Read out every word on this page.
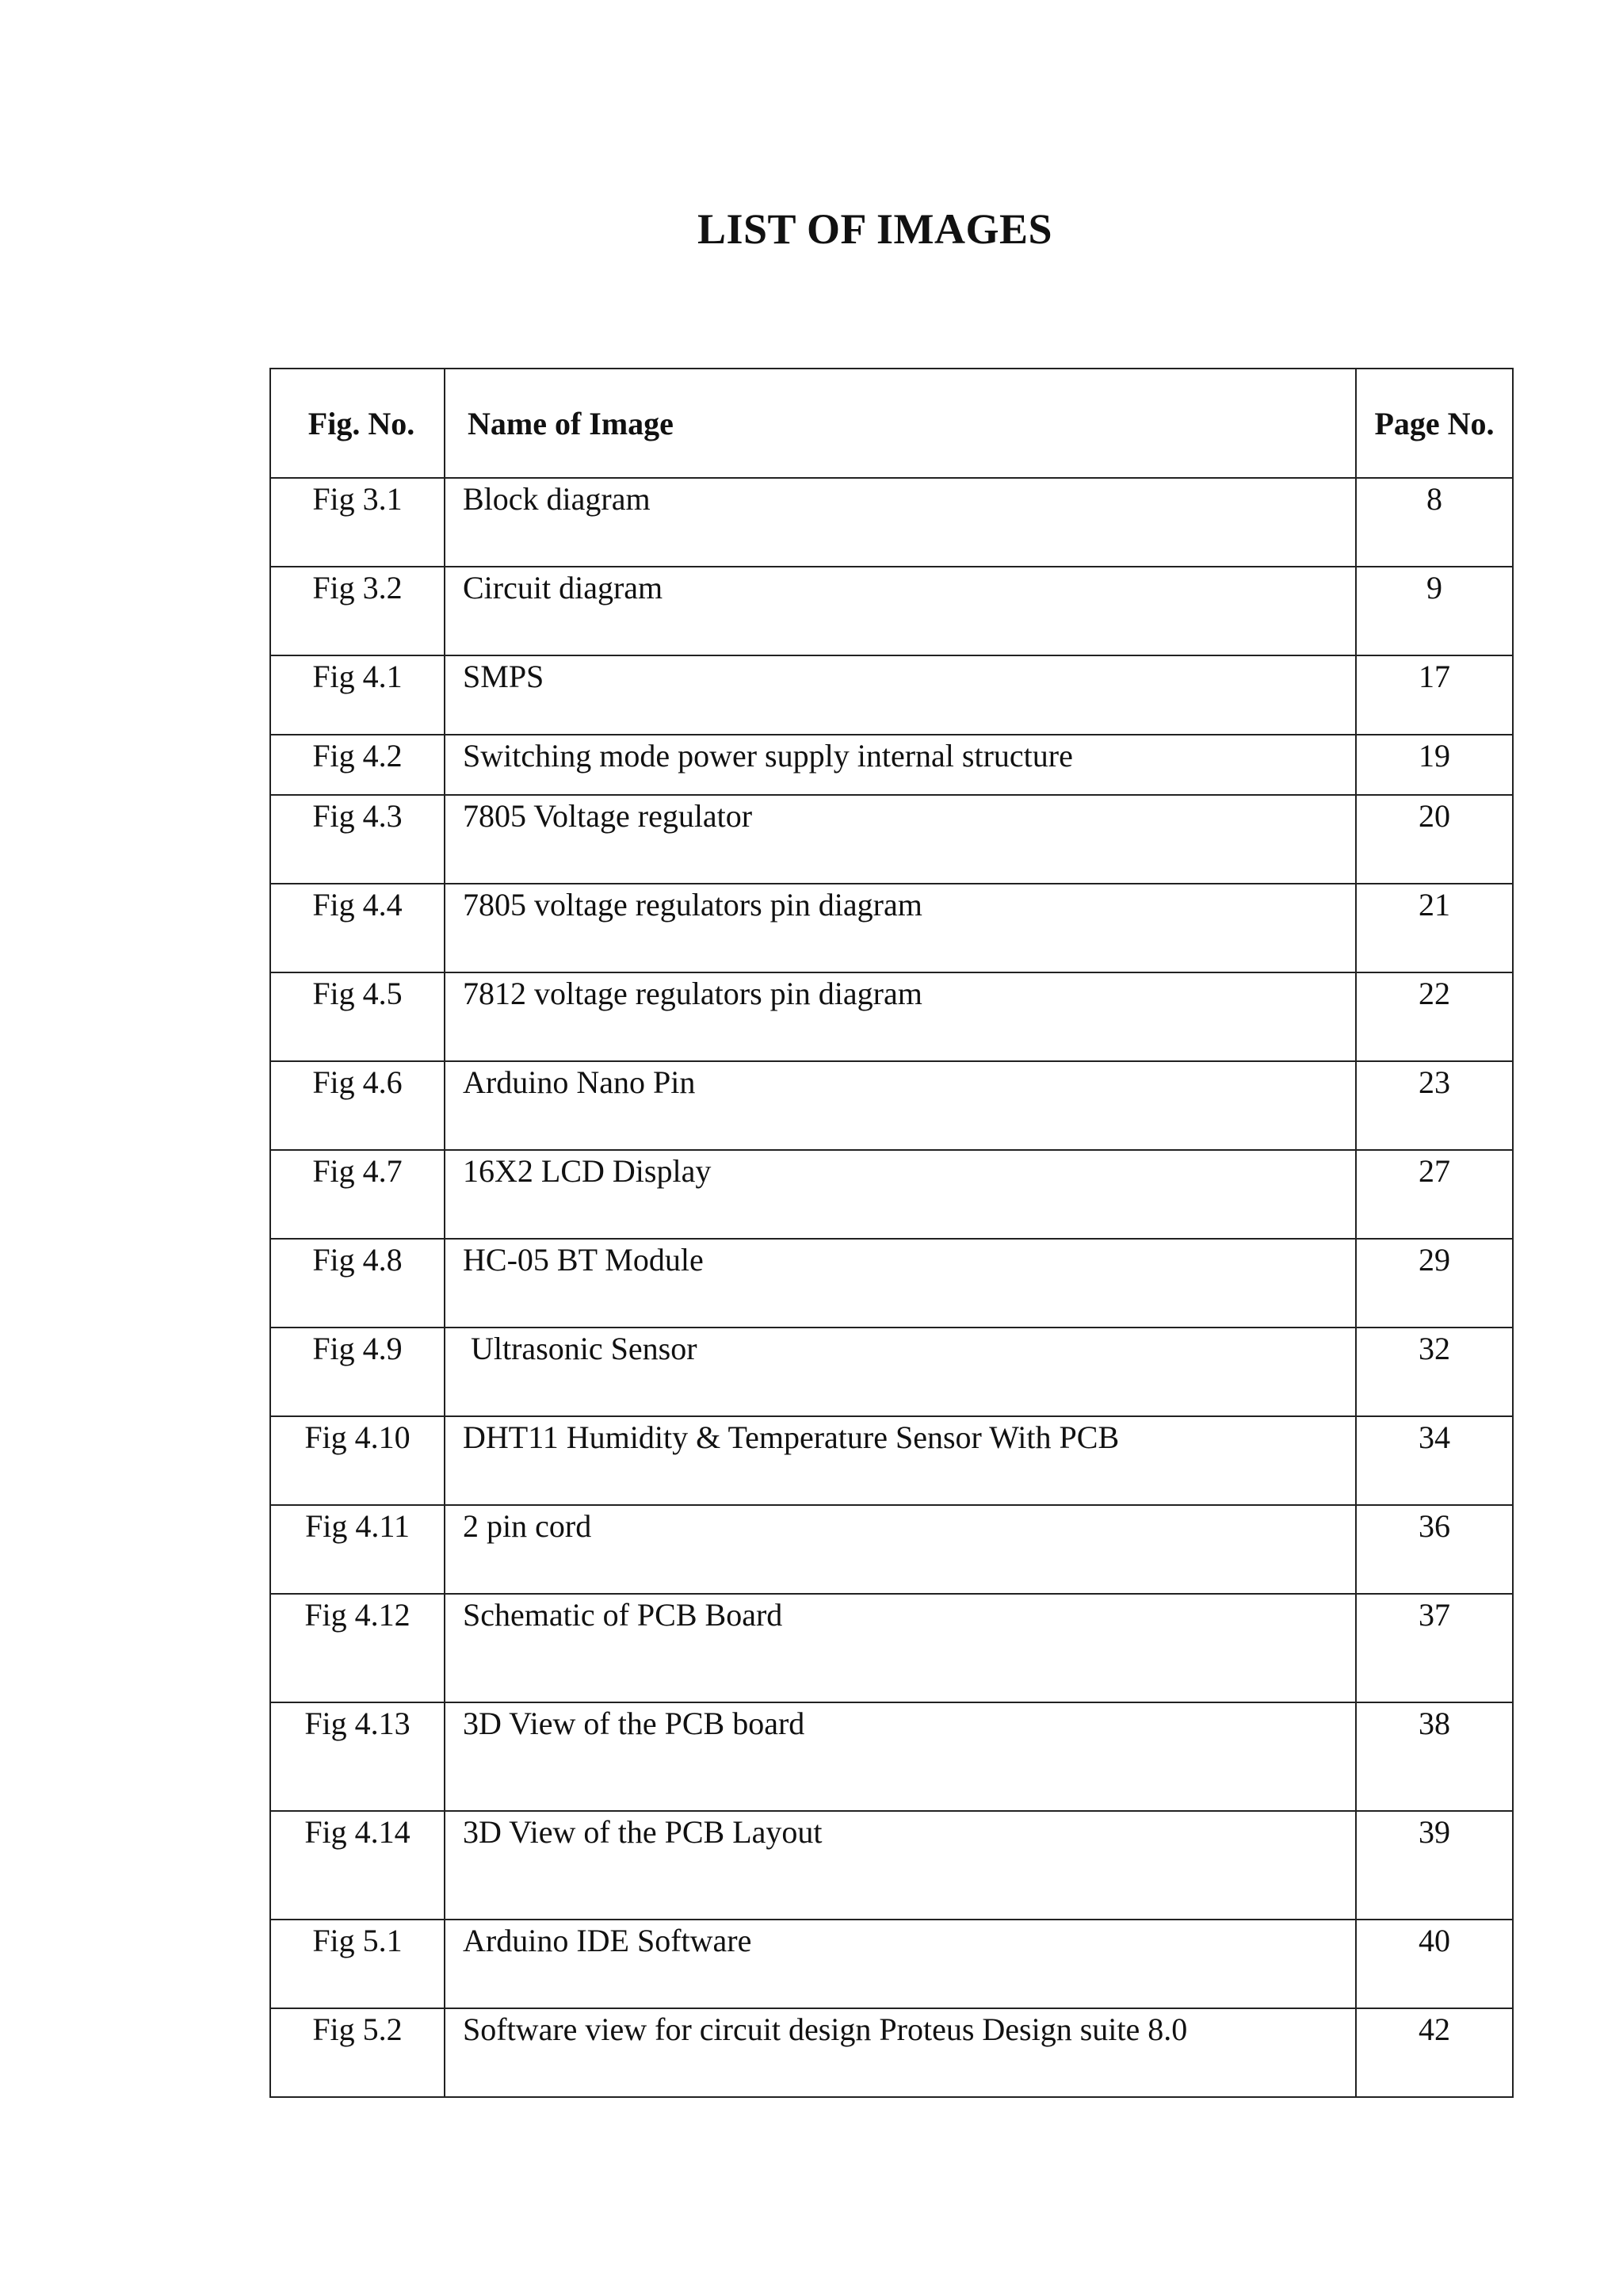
LIST OF IMAGES
Fig. No.	Name of Image	Page No.
Fig 3.1	Block diagram	8
Fig 3.2	Circuit diagram	9
Fig 4.1	SMPS	17
Fig 4.2	Switching mode power supply internal structure	19
Fig 4.3	7805 Voltage regulator	20
Fig 4.4	7805 voltage regulators pin diagram	21
Fig 4.5	7812 voltage regulators pin diagram	22
Fig 4.6	Arduino Nano Pin	23
Fig 4.7	16X2 LCD Display	27
Fig 4.8	HC-05 BT Module	29
Fig 4.9	Ultrasonic Sensor	32
Fig 4.10	DHT11 Humidity & Temperature Sensor With PCB	34
Fig 4.11	2 pin cord	36
Fig 4.12	Schematic of PCB Board	37
Fig 4.13	3D View of the PCB board	38
Fig 4.14	3D View of the PCB Layout	39
Fig 5.1	Arduino IDE Software	40
Fig 5.2	Software view for circuit design Proteus Design suite 8.0	42
